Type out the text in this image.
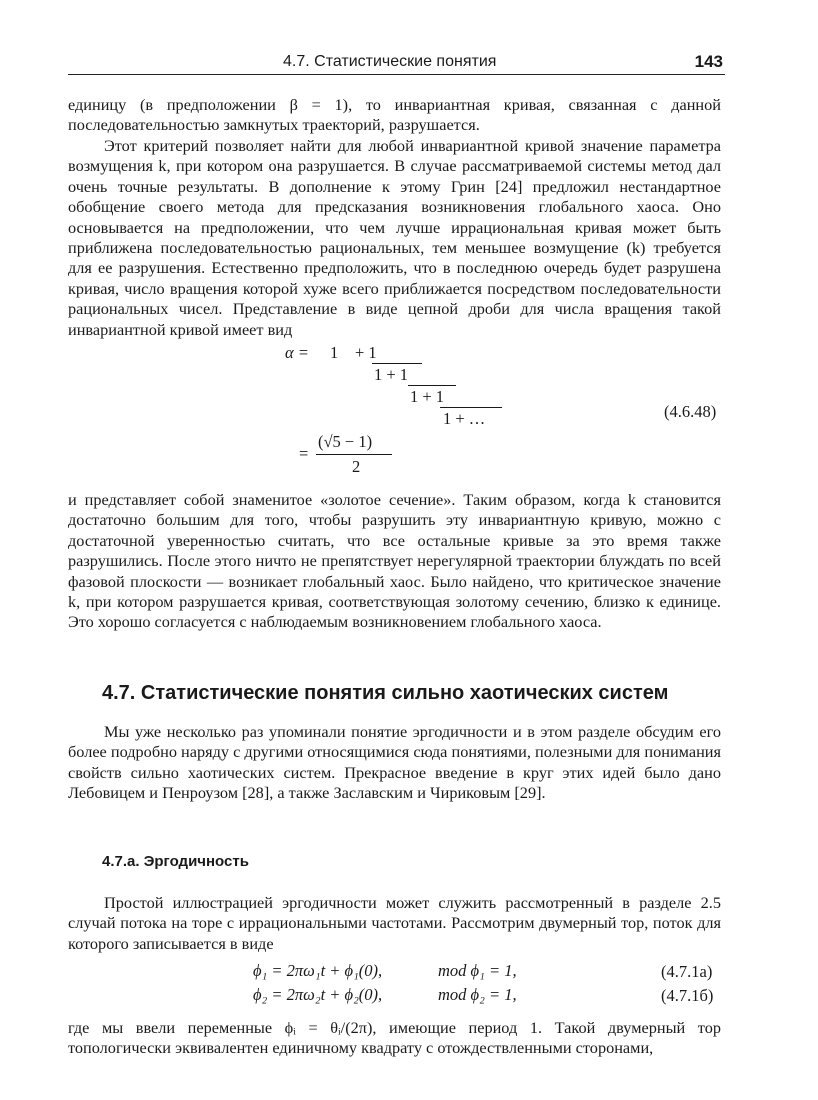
4.7. Статистические понятия	143

единицу (в предположении β = 1), то инвариантная кривая, связанная с данной последовательностью замкнутых траекторий, разрушается.

Этот критерий позволяет найти для любой инвариантной кривой значение параметра возмущения k, при котором она разрушается. В случае рассматриваемой системы метод дал очень точные результаты. В дополнение к этому Грин [24] предложил нестандартное обобщение своего метода для предсказания возникновения глобального хаоса. Оно основывается на предположении, что чем лучше иррациональная кривая может быть приближена последовательностью рациональных, тем меньшее возмущение (k) требуется для ее разрушения. Естественно предположить, что в последнюю очередь будет разрушена кривая, число вращения которой хуже всего приближается посредством последовательности рациональных чисел. Представление в виде цепной дроби для числа вращения такой инвариантной кривой имеет вид

α = 1 + 1
1 + 1
1 + 1
1 + …
=
(√5 − 1)
2
(4.6.48)

и представляет собой знаменитое «золотое сечение». Таким образом, когда k становится достаточно большим для того, чтобы разрушить эту инвариантную кривую, можно с достаточной уверенностью считать, что все остальные кривые за это время также разрушились. После этого ничто не препятствует нерегулярной траектории блуждать по всей фазовой плоскости — возникает глобальный хаос. Было найдено, что критическое значение k, при котором разрушается кривая, соответствующая золотому сечению, близко к единице. Это хорошо согласуется с наблюдаемым возникновением глобального хаоса.

4.7. Статистические понятия сильно хаотических систем

Мы уже несколько раз упоминали понятие эргодичности и в этом разделе обсудим его более подробно наряду с другими относящимися сюда понятиями, полезными для понимания свойств сильно хаотических систем. Прекрасное введение в круг этих идей было дано Лебовицем и Пенроузом [28], а также Заславским и Чириковым [29].

4.7.а. Эргодичность

Простой иллюстрацией эргодичности может служить рассмотренный в разделе 2.5 случай потока на торе с иррациональными частотами. Рассмотрим двумерный тор, поток для которого записывается в виде

ϕ₁ = 2πω₁t + ϕ₁(0),	mod ϕ₁ = 1,	(4.7.1а)
ϕ₂ = 2πω₂t + ϕ₂(0),	mod ϕ₂ = 1,	(4.7.1б)

где мы ввели переменные ϕᵢ = θᵢ/(2π), имеющие период 1. Такой двумерный тор топологически эквивалентен единичному квадрату с отождествленными сторонами,
